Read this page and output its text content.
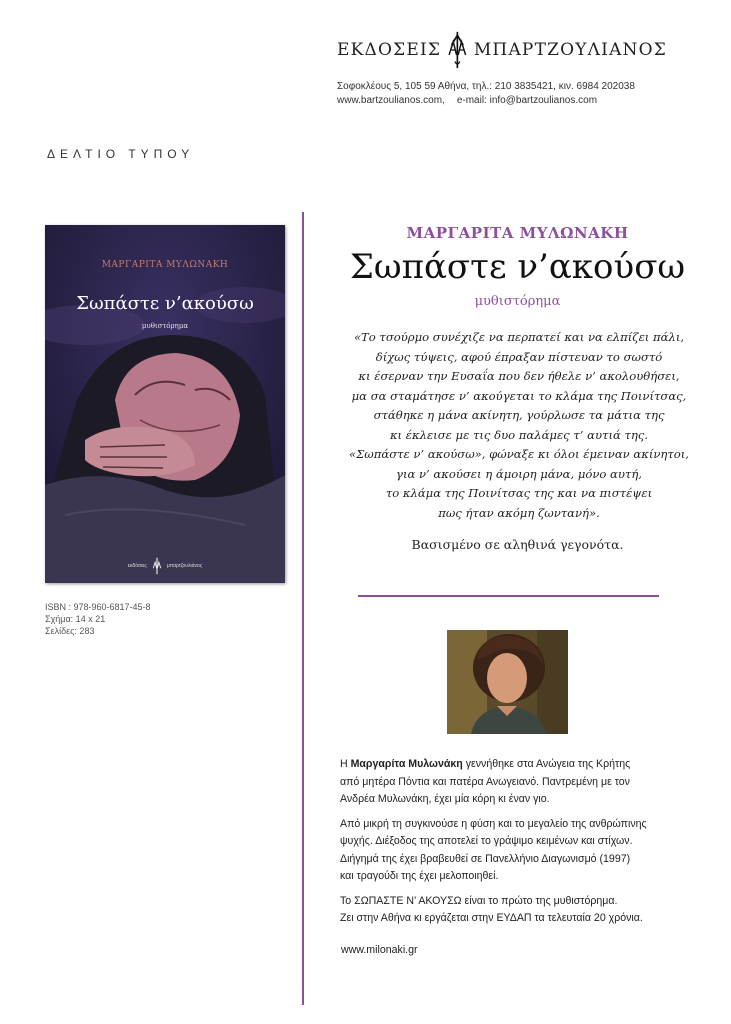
ΕΚΔΟΣΕΙΣ ΜΠΑΡΤΖΟΥΛΙΑΝΟΣ
Σοφοκλέους 5, 105 59 Αθήνα, τηλ.: 210 3835421, κιν. 6984 202038
www.bartzoulianos.com, e-mail: info@bartzoulianos.com
ΔΕΛΤΙΟ ΤΥΠΟΥ
ΜΑΡΓΑΡΙΤΑ ΜΥΛΩΝΑΚΗ
Σωπάστε ν’ακούσω
μυθιστόρημα
εκδόσεις	μπαρτζουλιάνος
ISBN : 978-960-6817-45-8
Σχήμα: 14 x 21
Σελίδες: 283
ΜΑΡΓΑΡΙΤΑ ΜΥΛΩΝΑΚΗ
Σωπάστε ν’ακούσω
μυθιστόρημα
«Το τσούρμο συνέχιζε να περπατεί και να ελπίζει πάλι,
δίχως τύψεις, αφού έπραξαν πίστευαν το σωστό
κι έσερναν την Ευσαΐα που δεν ήθελε ν’ ακολουθήσει,
μα σα σταμάτησε ν’ ακούγεται το κλάμα της Ποινίτσας,
στάθηκε η μάνα ακίνητη, γούρλωσε τα μάτια της
κι έκλεισε με τις δυο παλάμες τ’ αυτιά της.
«Σωπάστε ν’ ακούσω», φώναξε κι όλοι έμειναν ακίνητοι,
για ν’ ακούσει η άμοιρη μάνα, μόνο αυτή,
το κλάμα της Ποινίτσας της και να πιστέψει
πως ήταν ακόμη ζωντανή».
Βασισμένο σε αληθινά γεγονότα.

Η Μαργαρίτα Μυλωνάκη γεννήθηκε στα Ανώγεια της Κρήτης
από μητέρα Πόντια και πατέρα Ανωγειανό. Παντρεμένη με τον
Ανδρέα Μυλωνάκη, έχει μία κόρη κι έναν γιο.

Από μικρή τη συγκινούσε η φύση και το μεγαλείο της ανθρώπινης
ψυχής. Διέξοδος της αποτελεί το γράψιμο κειμένων και στίχων.
Διήγημά της έχει βραβευθεί σε Πανελλήνιο Διαγωνισμό (1997)
και τραγούδι της έχει μελοποιηθεί.

Το ΣΩΠΑΣΤΕ Ν’ ΑΚΟΥΣΩ είναι το πρώτο της μυθιστόρημα.
Ζει στην Αθήνα κι εργάζεται στην ΕΥΔΑΠ τα τελευταία 20 χρόνια.

www.milonaki.gr
